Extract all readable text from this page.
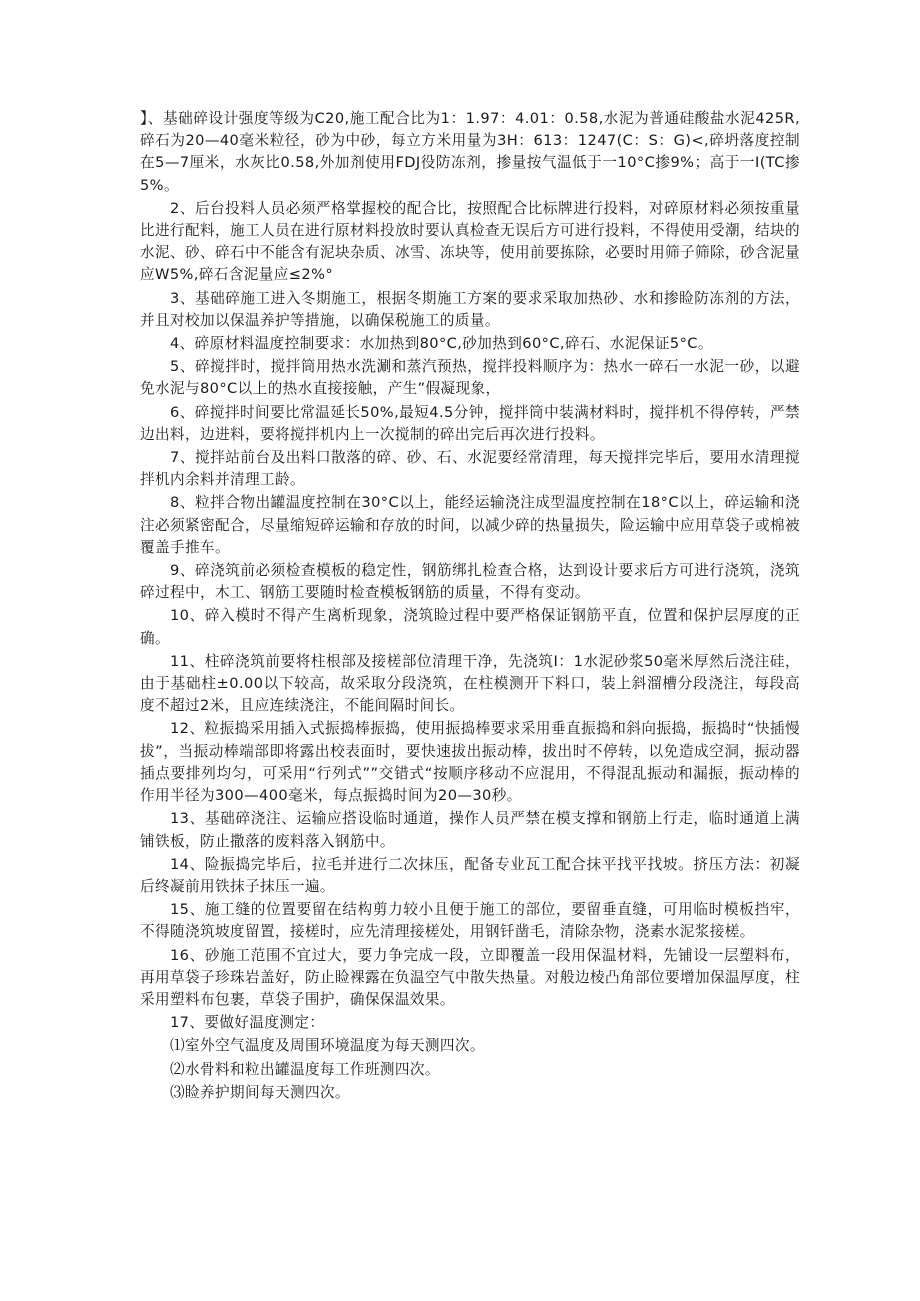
】、基础碎设计强度等级为C20,施工配合比为1：1.97：4.01：0.58,水泥为普通硅酸盐水泥425R,碎石为20—40毫米粒径，砂为中砂，每立方米用量为3H：613：1247(C：S：G)<,碎坍落度控制在5—7厘米，水灰比0.58,外加剂使用FDJ役防冻剂，掺量按气温低于一10°C掺9%；高于一I(TC掺5%。

2、后台投料人员必须严格掌握校的配合比，按照配合比标牌进行投料，对碎原材料必须按重量比进行配料，施工人员在进行原材料投放时要认真检查无误后方可进行投料，不得使用受潮，结块的水泥、砂、碎石中不能含有泥块杂质、冰雪、冻块等，使用前要拣除，必要时用筛子筛除，砂含泥量应W5%,碎石含泥量应≤2%°

3、基础碎施工进入冬期施工，根据冬期施工方案的要求采取加热砂、水和掺睑防冻剂的方法，并且对校加以保温养护等措施，以确保税施工的质量。

4、碎原材料温度控制要求：水加热到80°C,砂加热到60°C,碎石、水泥保证5°C。

5、碎搅拌时，搅拌筒用热水洗涮和蒸汽预热，搅拌投料顺序为：热水一碎石一水泥一砂，以避免水泥与80°C以上的热水直接接触，产生”假凝现象，

6、碎搅拌时间要比常温延长50%,最短4.5分钟，搅拌筒中装满材料时，搅拌机不得停转，严禁边出料，边进料，要将搅拌机内上一次搅制的碎出完后再次进行投料。

7、搅拌站前台及出料口散落的碎、砂、石、水泥要经常清理，每天搅拌完毕后，要用水清理搅拌机内余料并清理工龄。

8、粒拌合物出罐温度控制在30°C以上，能经运输浇注成型温度控制在18°C以上，碎运输和浇注必须紧密配合，尽量缩短碎运输和存放的时间，以减少碎的热量损失，险运输中应用草袋子或棉被覆盖手推车。

9、碎浇筑前必须检查模板的稳定性，钢筋绑扎检查合格，达到设计要求后方可进行浇筑，浇筑碎过程中，木工、钢筋工要随时检查模板钢筋的质量，不得有变动。

10、碎入模时不得产生离析现象，浇筑睑过程中要严格保证钢筋平直，位置和保护层厚度的正确。

11、柱碎浇筑前要将柱根部及接槎部位清理干净，先浇筑I：1水泥砂浆50毫米厚然后浇注硅，由于基础柱±0.00以下较高，故采取分段浇筑，在柱模测开下料口，装上斜溜槽分段浇注，每段高度不超过2米，且应连续浇注，不能间隔时间长。

12、粒振捣采用插入式振捣棒振捣，使用振捣棒要求采用垂直振捣和斜向振捣，振捣时“快插慢拔”，当振动棒端部即将露出校表面时，要快速拔出振动棒，拔出时不停转，以免造成空洞，振动器插点要排列均匀，可采用“行列式””交错式“按顺序移动不应混用，不得混乱振动和漏振，振动棒的作用半径为300—400毫米，每点振捣时间为20—30秒。

13、基础碎浇注、运输应搭设临时通道，操作人员严禁在模支撑和钢筋上行走，临时通道上满铺铁板，防止撒落的废料落入钢筋中。

14、险振捣完毕后，拉毛并进行二次抹压，配备专业瓦工配合抹平找平找坡。挤压方法：初凝后终凝前用铁抹子抹压一遍。

15、施工缝的位置要留在结构剪力较小且便于施工的部位，要留垂直缝，可用临时模板挡牢，不得随浇筑坡度留置，接槎时，应先清理接槎处，用钢钎凿毛，清除杂物，浇素水泥浆接槎。

16、砂施工范围不宜过大，要力争完成一段，立即覆盖一段用保温材料，先铺设一层塑料布，再用草袋子珍珠岩盖好，防止睑裸露在负温空气中散失热量。对般边棱凸角部位要增加保温厚度，柱采用塑料布包裹，草袋子围护，确保保温效果。

17、要做好温度测定：

⑴室外空气温度及周围环境温度为每天测四次。

⑵水骨料和粒出罐温度每工作班测四次。

⑶睑养护期间每天测四次。
